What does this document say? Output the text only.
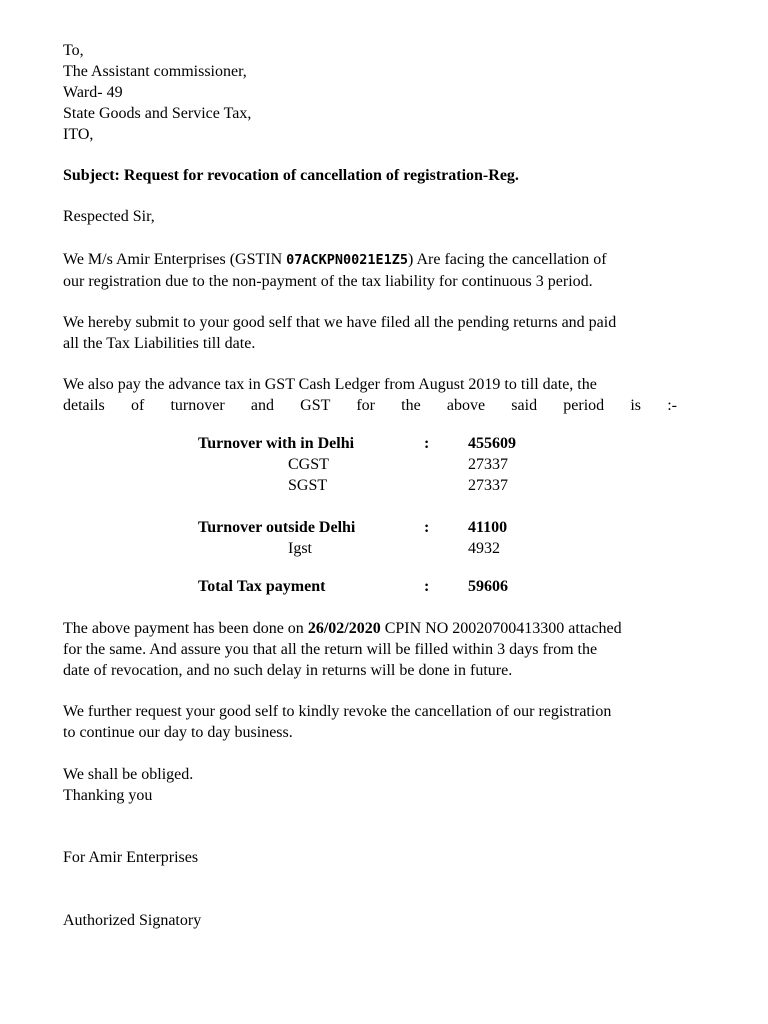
To,
The Assistant commissioner,
Ward- 49
State Goods and Service Tax,
ITO,
Subject: Request for revocation of cancellation of registration-Reg.
Respected Sir,
We M/s Amir Enterprises (GSTIN 07ACKPN0021E1Z5) Are facing the cancellation of
our registration due to the non-payment of the tax liability for continuous 3 period.
We hereby submit to your good self that we have filed all the pending returns and paid
all the Tax Liabilities till date.
We also pay the advance tax in GST Cash Ledger from August 2019 to till date, the
details of turnover and GST for the above said period is :-
Turnover with in Delhi	: 455609
CGST	27337
SGST	27337
Turnover outside Delhi	: 41100
Igst	4932
Total Tax payment	: 59606
The above payment has been done on 26/02/2020 CPIN NO 20020700413300 attached
for the same. And assure you that all the return will be filled within 3 days from the
date of revocation, and no such delay in returns will be done in future.
We further request your good self to kindly revoke the cancellation of our registration
to continue our day to day business.
We shall be obliged.
Thanking you
For Amir Enterprises
Authorized Signatory
